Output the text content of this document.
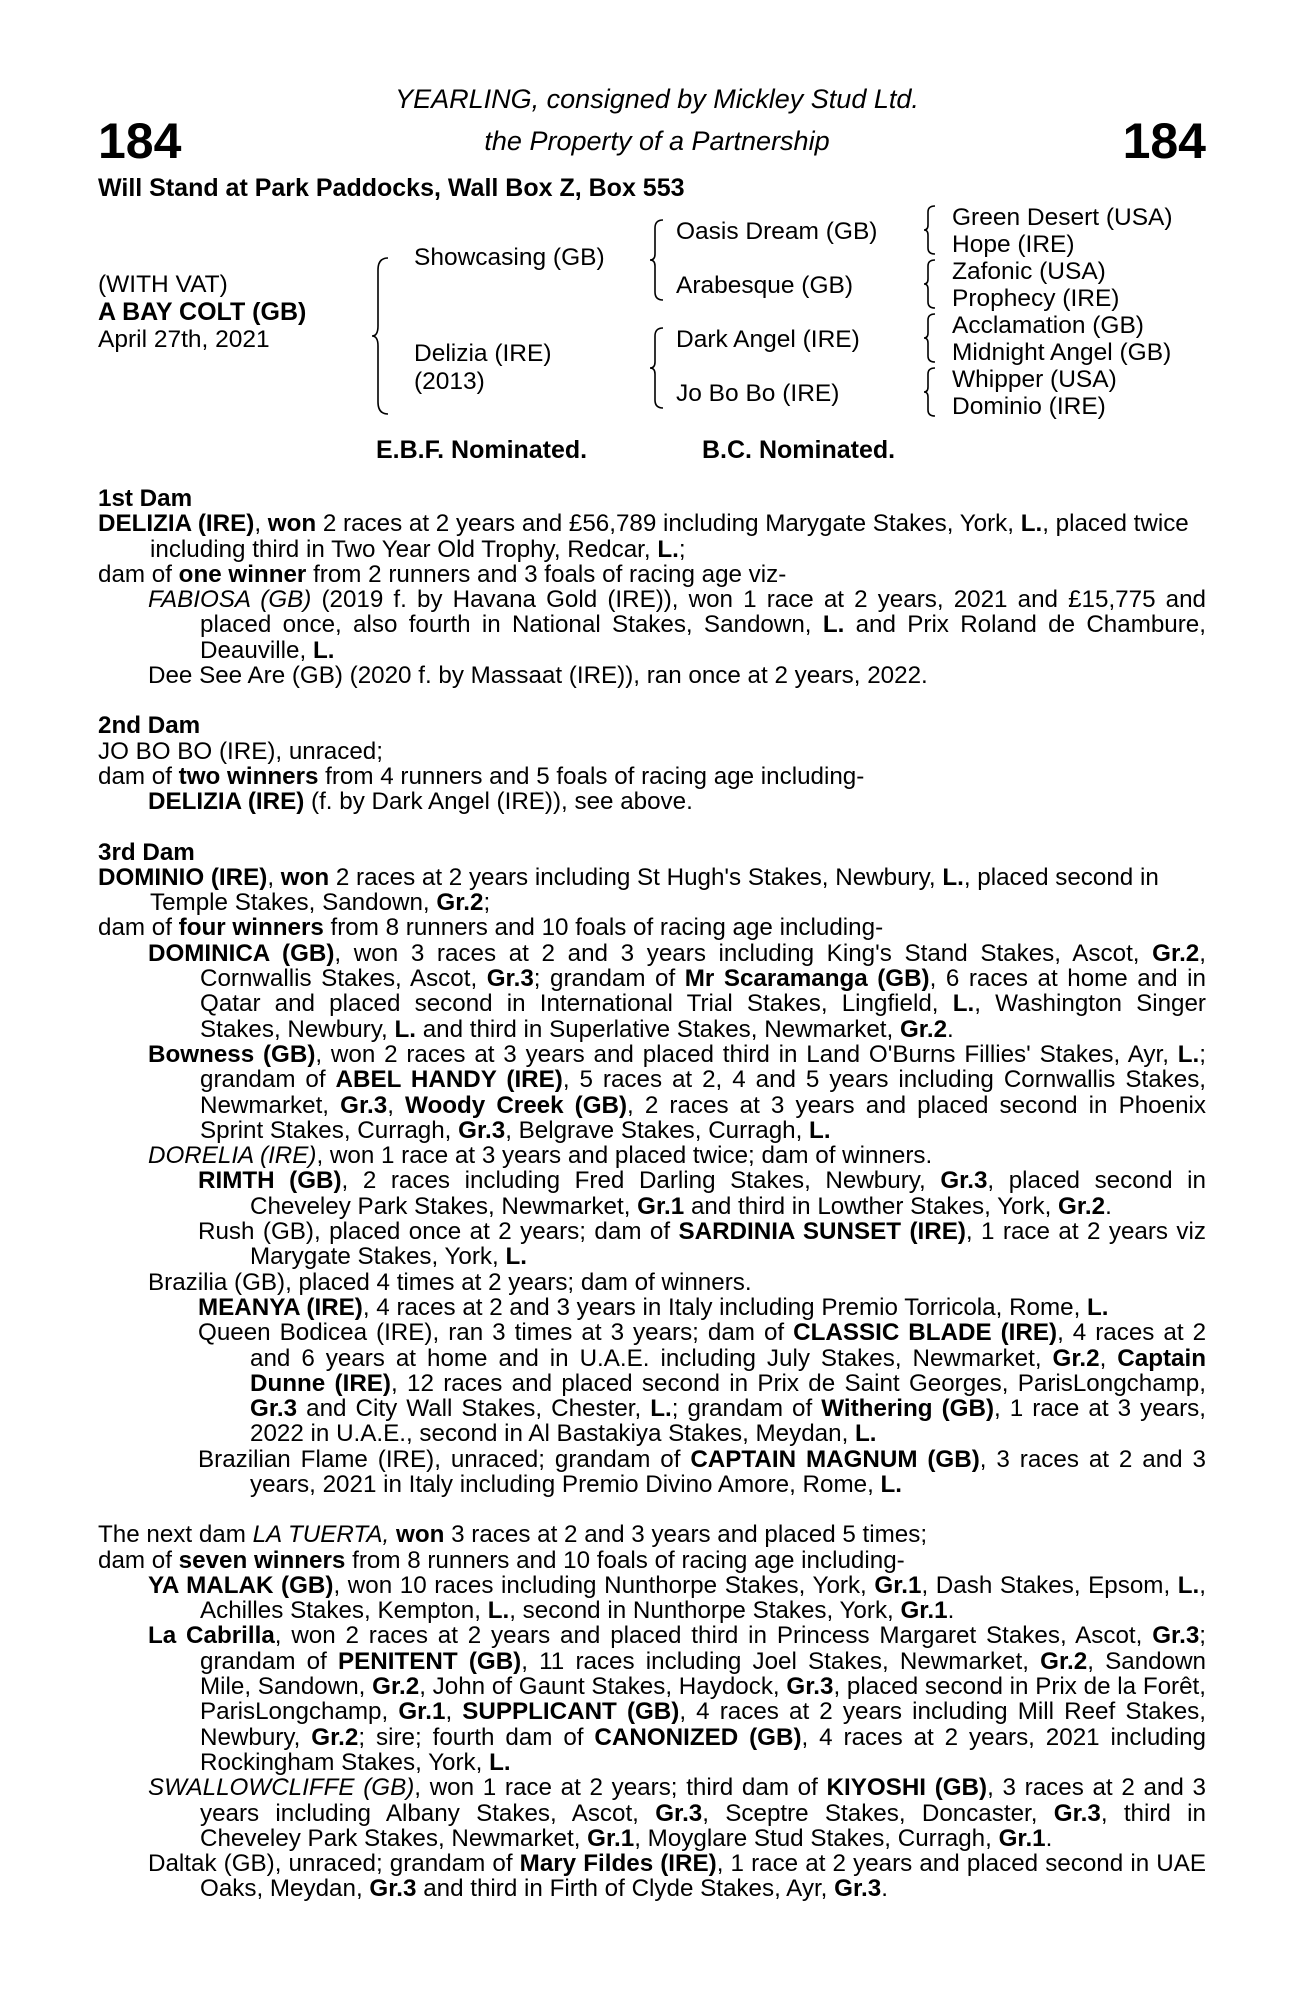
184	184
YEARLING, consigned by Mickley Stud Ltd.
the Property of a Partnership
Will Stand at Park Paddocks, Wall Box Z, Box 553
(WITH VAT)
A BAY COLT (GB)
April 27th, 2021
Showcasing (GB)
Delizia (IRE)
(2013)
Oasis Dream (GB)
Arabesque (GB)
Dark Angel (IRE)
Jo Bo Bo (IRE)
Green Desert (USA)
Hope (IRE)
Zafonic (USA)
Prophecy (IRE)
Acclamation (GB)
Midnight Angel (GB)
Whipper (USA)
Dominio (IRE)
E.B.F. Nominated.	B.C. Nominated.

1st Dam

DELIZIA (IRE), won 2 races at 2 years and £56,789 including Marygate Stakes, York, L., placed twice including third in Two Year Old Trophy, Redcar, L.;

dam of one winner from 2 runners and 3 foals of racing age viz-

FABIOSA (GB) (2019 f. by Havana Gold (IRE)), won 1 race at 2 years, 2021 and £15,775 and placed once, also fourth in National Stakes, Sandown, L. and Prix Roland de Chambure, Deauville, L.

Dee See Are (GB) (2020 f. by Massaat (IRE)), ran once at 2 years, 2022.

2nd Dam

JO BO BO (IRE), unraced;

dam of two winners from 4 runners and 5 foals of racing age including-

DELIZIA (IRE) (f. by Dark Angel (IRE)), see above.

3rd Dam

DOMINIO (IRE), won 2 races at 2 years including St Hugh's Stakes, Newbury, L., placed second in Temple Stakes, Sandown, Gr.2;

dam of four winners from 8 runners and 10 foals of racing age including-

DOMINICA (GB), won 3 races at 2 and 3 years including King's Stand Stakes, Ascot, Gr.2, Cornwallis Stakes, Ascot, Gr.3; grandam of Mr Scaramanga (GB), 6 races at home and in Qatar and placed second in International Trial Stakes, Lingfield, L., Washington Singer Stakes, Newbury, L. and third in Superlative Stakes, Newmarket, Gr.2.

Bowness (GB), won 2 races at 3 years and placed third in Land O'Burns Fillies' Stakes, Ayr, L.; grandam of ABEL HANDY (IRE), 5 races at 2, 4 and 5 years including Cornwallis Stakes, Newmarket, Gr.3, Woody Creek (GB), 2 races at 3 years and placed second in Phoenix Sprint Stakes, Curragh, Gr.3, Belgrave Stakes, Curragh, L.

DORELIA (IRE), won 1 race at 3 years and placed twice; dam of winners.

RIMTH (GB), 2 races including Fred Darling Stakes, Newbury, Gr.3, placed second in Cheveley Park Stakes, Newmarket, Gr.1 and third in Lowther Stakes, York, Gr.2.

Rush (GB), placed once at 2 years; dam of SARDINIA SUNSET (IRE), 1 race at 2 years viz Marygate Stakes, York, L.

Brazilia (GB), placed 4 times at 2 years; dam of winners.

MEANYA (IRE), 4 races at 2 and 3 years in Italy including Premio Torricola, Rome, L.

Queen Bodicea (IRE), ran 3 times at 3 years; dam of CLASSIC BLADE (IRE), 4 races at 2 and 6 years at home and in U.A.E. including July Stakes, Newmarket, Gr.2, Captain Dunne (IRE), 12 races and placed second in Prix de Saint Georges, ParisLongchamp, Gr.3 and City Wall Stakes, Chester, L.; grandam of Withering (GB), 1 race at 3 years, 2022 in U.A.E., second in Al Bastakiya Stakes, Meydan, L.

Brazilian Flame (IRE), unraced; grandam of CAPTAIN MAGNUM (GB), 3 races at 2 and 3 years, 2021 in Italy including Premio Divino Amore, Rome, L.

The next dam LA TUERTA, won 3 races at 2 and 3 years and placed 5 times;

dam of seven winners from 8 runners and 10 foals of racing age including-

YA MALAK (GB), won 10 races including Nunthorpe Stakes, York, Gr.1, Dash Stakes, Epsom, L., Achilles Stakes, Kempton, L., second in Nunthorpe Stakes, York, Gr.1.

La Cabrilla, won 2 races at 2 years and placed third in Princess Margaret Stakes, Ascot, Gr.3; grandam of PENITENT (GB), 11 races including Joel Stakes, Newmarket, Gr.2, Sandown Mile, Sandown, Gr.2, John of Gaunt Stakes, Haydock, Gr.3, placed second in Prix de la Forêt, ParisLongchamp, Gr.1, SUPPLICANT (GB), 4 races at 2 years including Mill Reef Stakes, Newbury, Gr.2; sire; fourth dam of CANONIZED (GB), 4 races at 2 years, 2021 including Rockingham Stakes, York, L.

SWALLOWCLIFFE (GB), won 1 race at 2 years; third dam of KIYOSHI (GB), 3 races at 2 and 3 years including Albany Stakes, Ascot, Gr.3, Sceptre Stakes, Doncaster, Gr.3, third in Cheveley Park Stakes, Newmarket, Gr.1, Moyglare Stud Stakes, Curragh, Gr.1.

Daltak (GB), unraced; grandam of Mary Fildes (IRE), 1 race at 2 years and placed second in UAE Oaks, Meydan, Gr.3 and third in Firth of Clyde Stakes, Ayr, Gr.3.
